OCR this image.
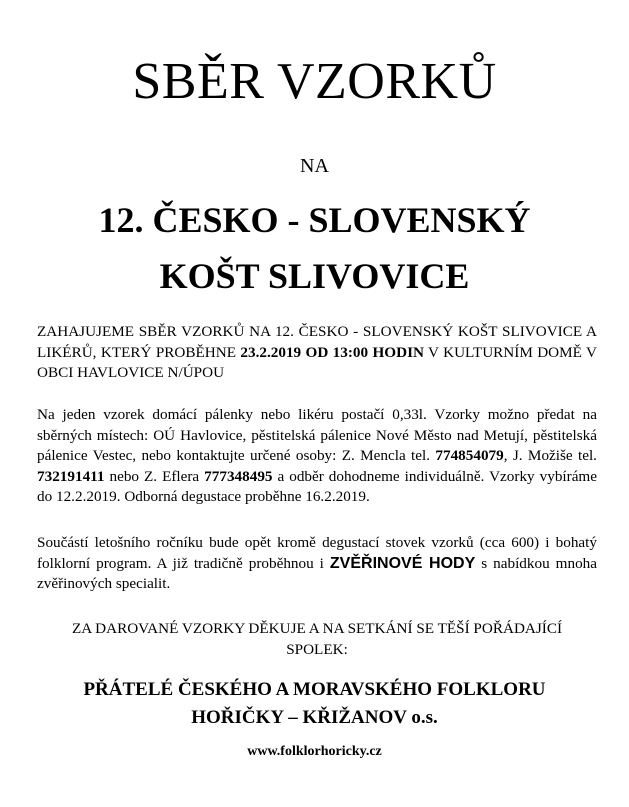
SBĚR VZORKŮ
NA
12. ČESKO - SLOVENSKÝ
KOŠT SLIVOVICE
ZAHAJUJEME SBĚR VZORKŮ NA 12. ČESKO - SLOVENSKÝ KOŠT SLIVOVICE A LIKÉRŮ, KTERÝ PROBĚHNE 23.2.2019 OD 13:00 HODIN V KULTURNÍM DOMĚ V OBCI HAVLOVICE N/ÚPOU
Na jeden vzorek domácí pálenky nebo likéru postačí 0,33l. Vzorky možno předat na sběrných místech: OÚ Havlovice, pěstitelská pálenice Nové Město nad Metují, pěstitelská pálenice Vestec, nebo kontaktujte určené osoby: Z. Mencla tel. 774854079, J. Možiše tel. 732191411 nebo Z. Eflera 777348495 a odběr dohodneme individuálně. Vzorky vybíráme do 12.2.2019. Odborná degustace proběhne 16.2.2019.
Součástí letošního ročníku bude opět kromě degustací stovek vzorků (cca 600) i bohatý folklorní program. A již tradičně proběhnou i ZVĚŘINOVÉ HODY s nabídkou mnoha zvěřinových specialit.
ZA DAROVANÉ VZORKY DĚKUJE A NA SETKÁNÍ SE TĚŠÍ POŘÁDAJÍCÍ
SPOLEK:
PŘÁTELÉ ČESKÉHO A MORAVSKÉHO FOLKLORU
HOŘIČKY – KŘIŽANOV o.s.
www.folklorhoricky.cz
